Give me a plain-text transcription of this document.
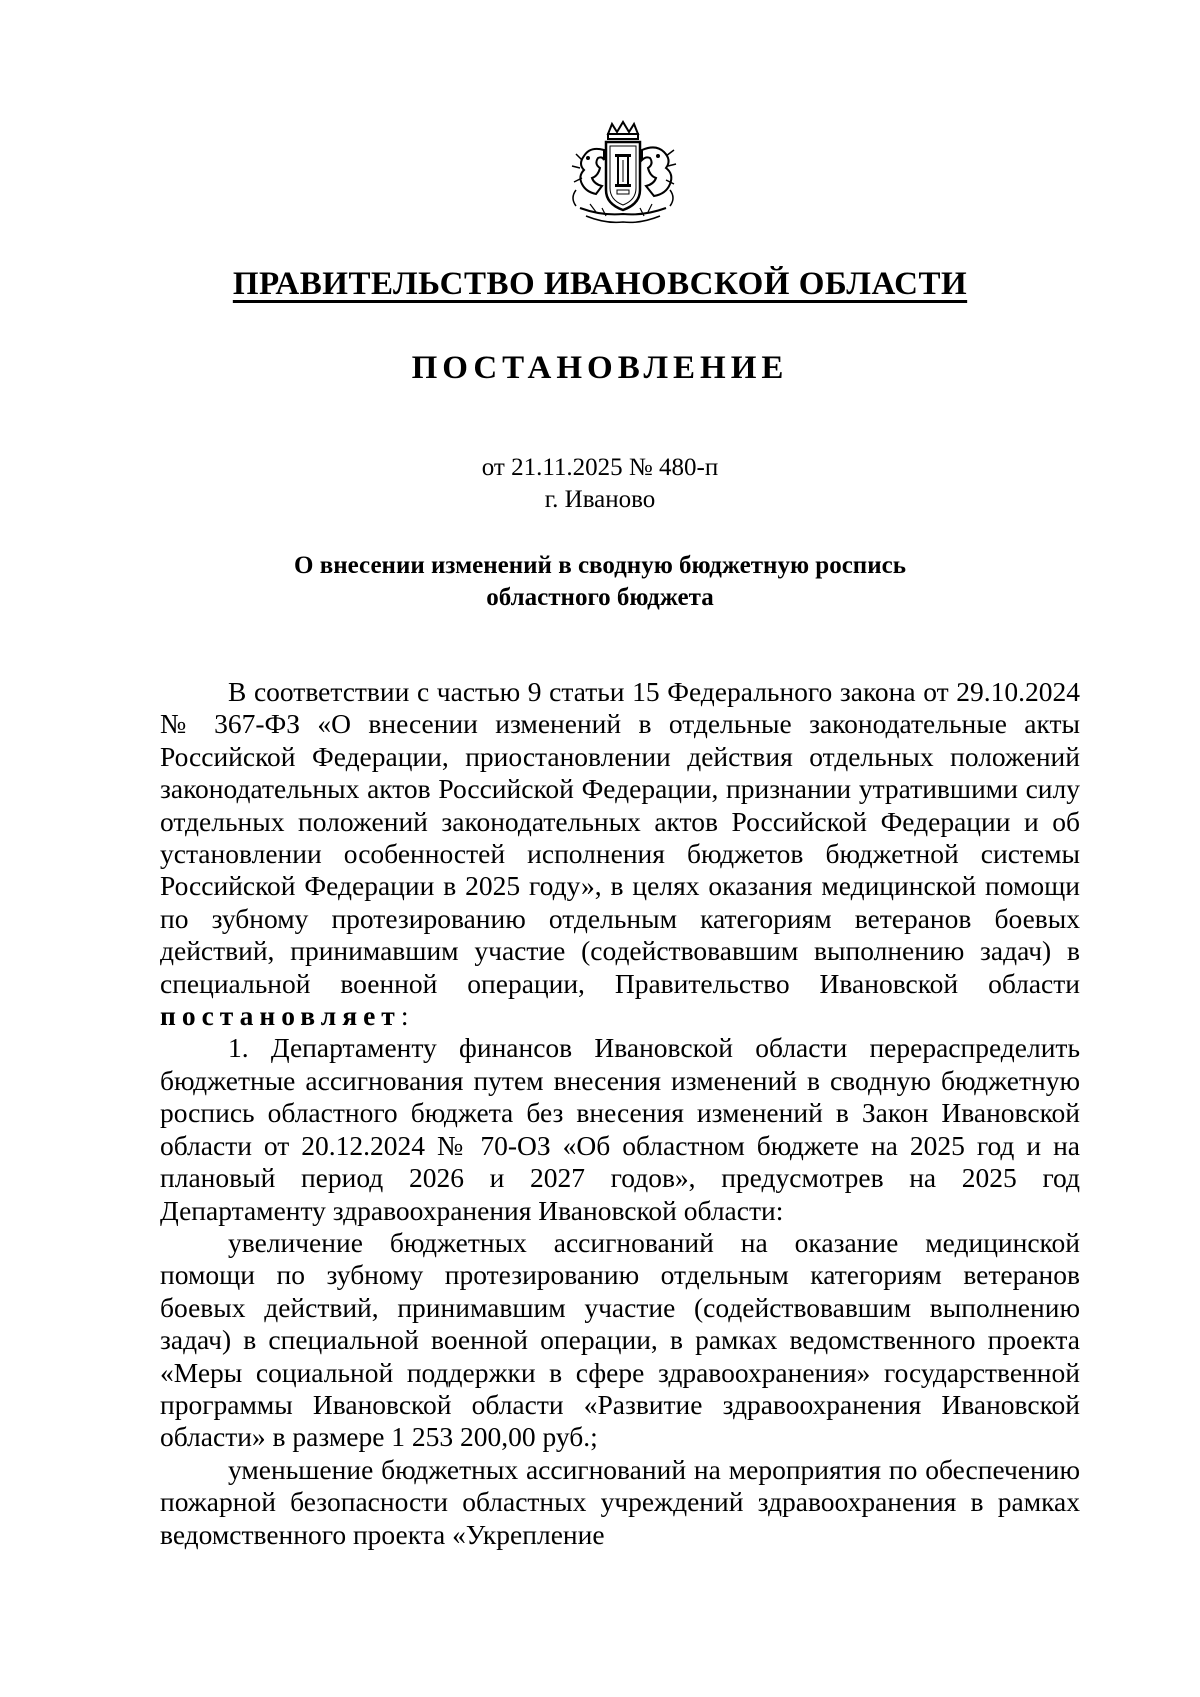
ПРАВИТЕЛЬСТВО ИВАНОВСКОЙ ОБЛАСТИ
ПОСТАНОВЛЕНИЕ
от 21.11.2025 № 480-п
г. Иваново
О внесении изменений в сводную бюджетную роспись
областного бюджета

В соответствии с частью 9 статьи 15 Федерального закона от 29.10.2024 № 367-ФЗ «О внесении изменений в отдельные законодательные акты Российской Федерации, приостановлении действия отдельных положений законодательных актов Российской Федерации, признании утратившими силу отдельных положений законодательных актов Российской Федерации и об установлении особенностей исполнения бюджетов бюджетной системы Российской Федерации в 2025 году», в целях оказания медицинской помощи по зубному протезированию отдельным категориям ветеранов боевых действий, принимавшим участие (содействовавшим выполнению задач) в специальной военной операции, Правительство Ивановской области постановляет:

1. Департаменту финансов Ивановской области перераспределить бюджетные ассигнования путем внесения изменений в сводную бюджетную роспись областного бюджета без внесения изменений в Закон Ивановской области от 20.12.2024 № 70-ОЗ «Об областном бюджете на 2025 год и на плановый период 2026 и 2027 годов», предусмотрев на 2025 год Департаменту здравоохранения Ивановской области:

увеличение бюджетных ассигнований на оказание медицинской помощи по зубному протезированию отдельным категориям ветеранов боевых действий, принимавшим участие (содействовавшим выполнению задач) в специальной военной операции, в рамках ведомственного проекта «Меры социальной поддержки в сфере здравоохранения» государственной программы Ивановской области «Развитие здравоохранения Ивановской области» в размере 1 253 200,00 руб.;

уменьшение бюджетных ассигнований на мероприятия по обеспечению пожарной безопасности областных учреждений здравоохранения в рамках ведомственного проекта «Укрепление
